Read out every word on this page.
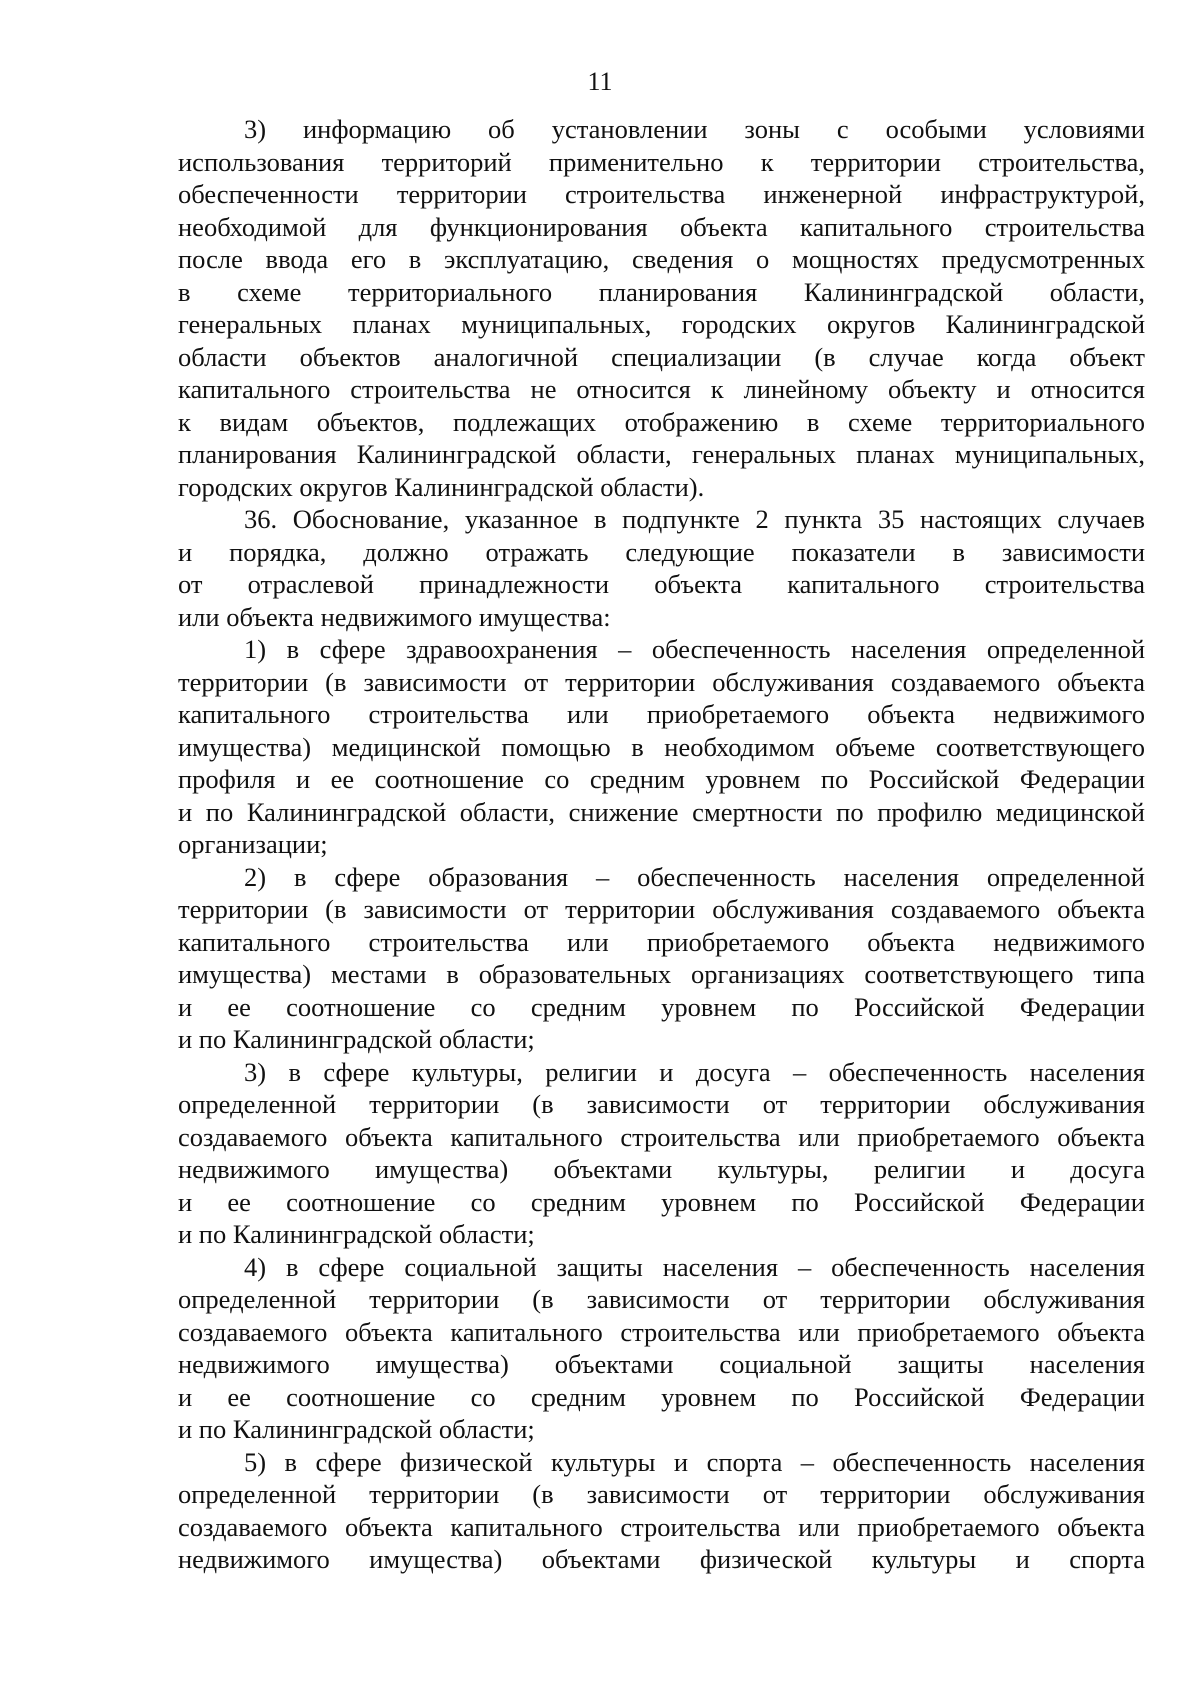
11
3) информацию об установлении зоны с особыми условиями
использования территорий применительно к территории строительства,
обеспеченности территории строительства инженерной инфраструктурой,
необходимой для функционирования объекта капитального строительства
после ввода его в эксплуатацию, сведения о мощностях предусмотренных
в схеме территориального планирования Калининградской области,
генеральных планах муниципальных, городских округов Калининградской
области объектов аналогичной специализации (в случае когда объект
капитального строительства не относится к линейному объекту и относится
к видам объектов, подлежащих отображению в схеме территориального
планирования Калининградской области, генеральных планах муниципальных,
городских округов Калининградской области).
36. Обоснование, указанное в подпункте 2 пункта 35 настоящих случаев
и порядка, должно отражать следующие показатели в зависимости
от отраслевой принадлежности объекта капитального строительства
или объекта недвижимого имущества:
1) в сфере здравоохранения – обеспеченность населения определенной
территории (в зависимости от территории обслуживания создаваемого объекта
капитального строительства или приобретаемого объекта недвижимого
имущества) медицинской помощью в необходимом объеме соответствующего
профиля и ее соотношение со средним уровнем по Российской Федерации
и по Калининградской области, снижение смертности по профилю медицинской
организации;
2) в сфере образования – обеспеченность населения определенной
территории (в зависимости от территории обслуживания создаваемого объекта
капитального строительства или приобретаемого объекта недвижимого
имущества) местами в образовательных организациях соответствующего типа
и ее соотношение со средним уровнем по Российской Федерации
и по Калининградской области;
3) в сфере культуры, религии и досуга – обеспеченность населения
определенной территории (в зависимости от территории обслуживания
создаваемого объекта капитального строительства или приобретаемого объекта
недвижимого имущества) объектами культуры, религии и досуга
и ее соотношение со средним уровнем по Российской Федерации
и по Калининградской области;
4) в сфере социальной защиты населения – обеспеченность населения
определенной территории (в зависимости от территории обслуживания
создаваемого объекта капитального строительства или приобретаемого объекта
недвижимого имущества) объектами социальной защиты населения
и ее соотношение со средним уровнем по Российской Федерации
и по Калининградской области;
5) в сфере физической культуры и спорта – обеспеченность населения
определенной территории (в зависимости от территории обслуживания
создаваемого объекта капитального строительства или приобретаемого объекта
недвижимого имущества) объектами физической культуры и спорта
